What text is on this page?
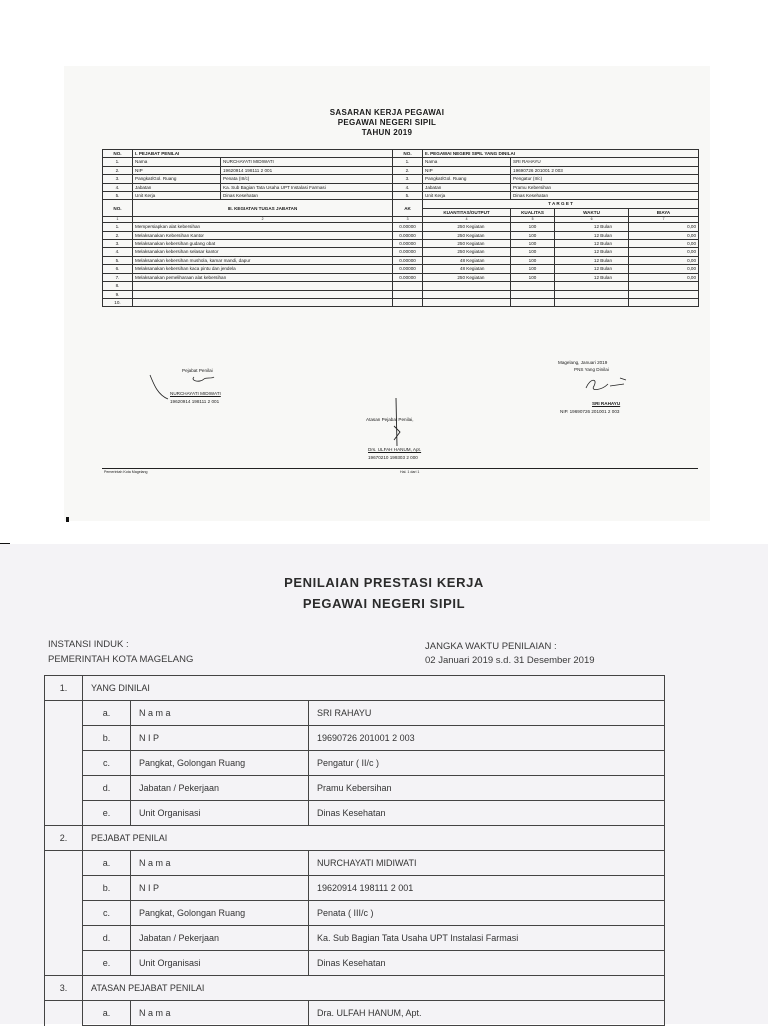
SASARAN KERJA PEGAWAI
PEGAWAI NEGERI SIPIL
TAHUN 2019
NO.	I. PEJABAT PENILAI		NO.	II. PEGAWAI NEGERI SIPIL YANG DINILAI			
1.	Nama	NURCHAYATI MIDIWATI	1.	Nama	SRI RAHAYU		
2.	NIP	19620914 198111 2 001	2.	NIP	19690726 201001 2 003		
3.	Pangkat/Gol. Ruang	Penata (III/c)	3.	Pangkat/Gol. Ruang	Pengatur (II/c)		
4.	Jabatan	Ka. Sub Bagian Tata Usaha UPT Instalasi Farmasi	4.	Jabatan	Pramu Kebersihan		
5.	Unit Kerja	Dinas Kesehatan	5.	Unit Kerja	Dinas Kesehatan		
NO.	III. KEGIATAN TUGAS JABATAN		AK	T A R G E T			
				KUANTITAS/OUTPUT	KUALITAS	WAKTU	BIAYA
1	2		3	4	5	6	7
1.	Mempersiapkan alat kebersihan		0.00000	250 Kegiatan	100	12 Bulan	0,00
2.	Melaksanakan Kebersihan Kantor		0.00000	250 Kegiatan	100	12 Bulan	0,00
3.	Melaksanakan kebersihan gudang obat		0.00000	250 Kegiatan	100	12 Bulan	0,00
4.	Melaksanakan kebersihan selasar kantor		0.00000	250 Kegiatan	100	12 Bulan	0,00
5.	Melaksanakan kebersihan mushola, kamar mandi, dapur		0.00000	48 Kegiatan	100	12 Bulan	0,00
6.	Melaksanakan kebersihan kaca pintu dan jendela		0.00000	48 Kegiatan	100	12 Bulan	0,00
7.	Melaksanakan pemeliharaan alat kebersihan		0.00000	250 Kegiatan	100	12 Bulan	0,00
8.							
9.							
10.							
Magelang, Januari 2019
PNS Yang Dinilai
SRI RAHAYU
NIP. 19690726 201001 2 003
Pejabat Penilai
NURCHAYATI MIDIWATI
19620914 198111 2 001
Atasan Pejabat Penilai,
Drs. ULFAH HANUM, Apt.
19670210 199303 2 000
Pemerintah Kota Magelang	Hal. 1 dari 1
PENILAIAN PRESTASI KERJA
PEGAWAI NEGERI SIPIL
INSTANSI INDUK :
PEMERINTAH KOTA MAGELANG
JANGKA WAKTU PENILAIAN :
02 Januari 2019 s.d. 31 Desember 2019
1.	YANG DINILAI		
	a.	N a m a	SRI RAHAYU
	b.	N I P	19690726 201001 2 003
	c.	Pangkat, Golongan Ruang	Pengatur ( II/c )
	d.	Jabatan / Pekerjaan	Pramu Kebersihan
	e.	Unit Organisasi	Dinas Kesehatan
2.	PEJABAT PENILAI		
	a.	N a m a	NURCHAYATI MIDIWATI
	b.	N I P	19620914 198111 2 001
	c.	Pangkat, Golongan Ruang	Penata ( III/c )
	d.	Jabatan / Pekerjaan	Ka. Sub Bagian Tata Usaha UPT Instalasi Farmasi
	e.	Unit Organisasi	Dinas Kesehatan
3.	ATASAN PEJABAT PENILAI		
	a.	N a m a	Dra. ULFAH HANUM, Apt.
